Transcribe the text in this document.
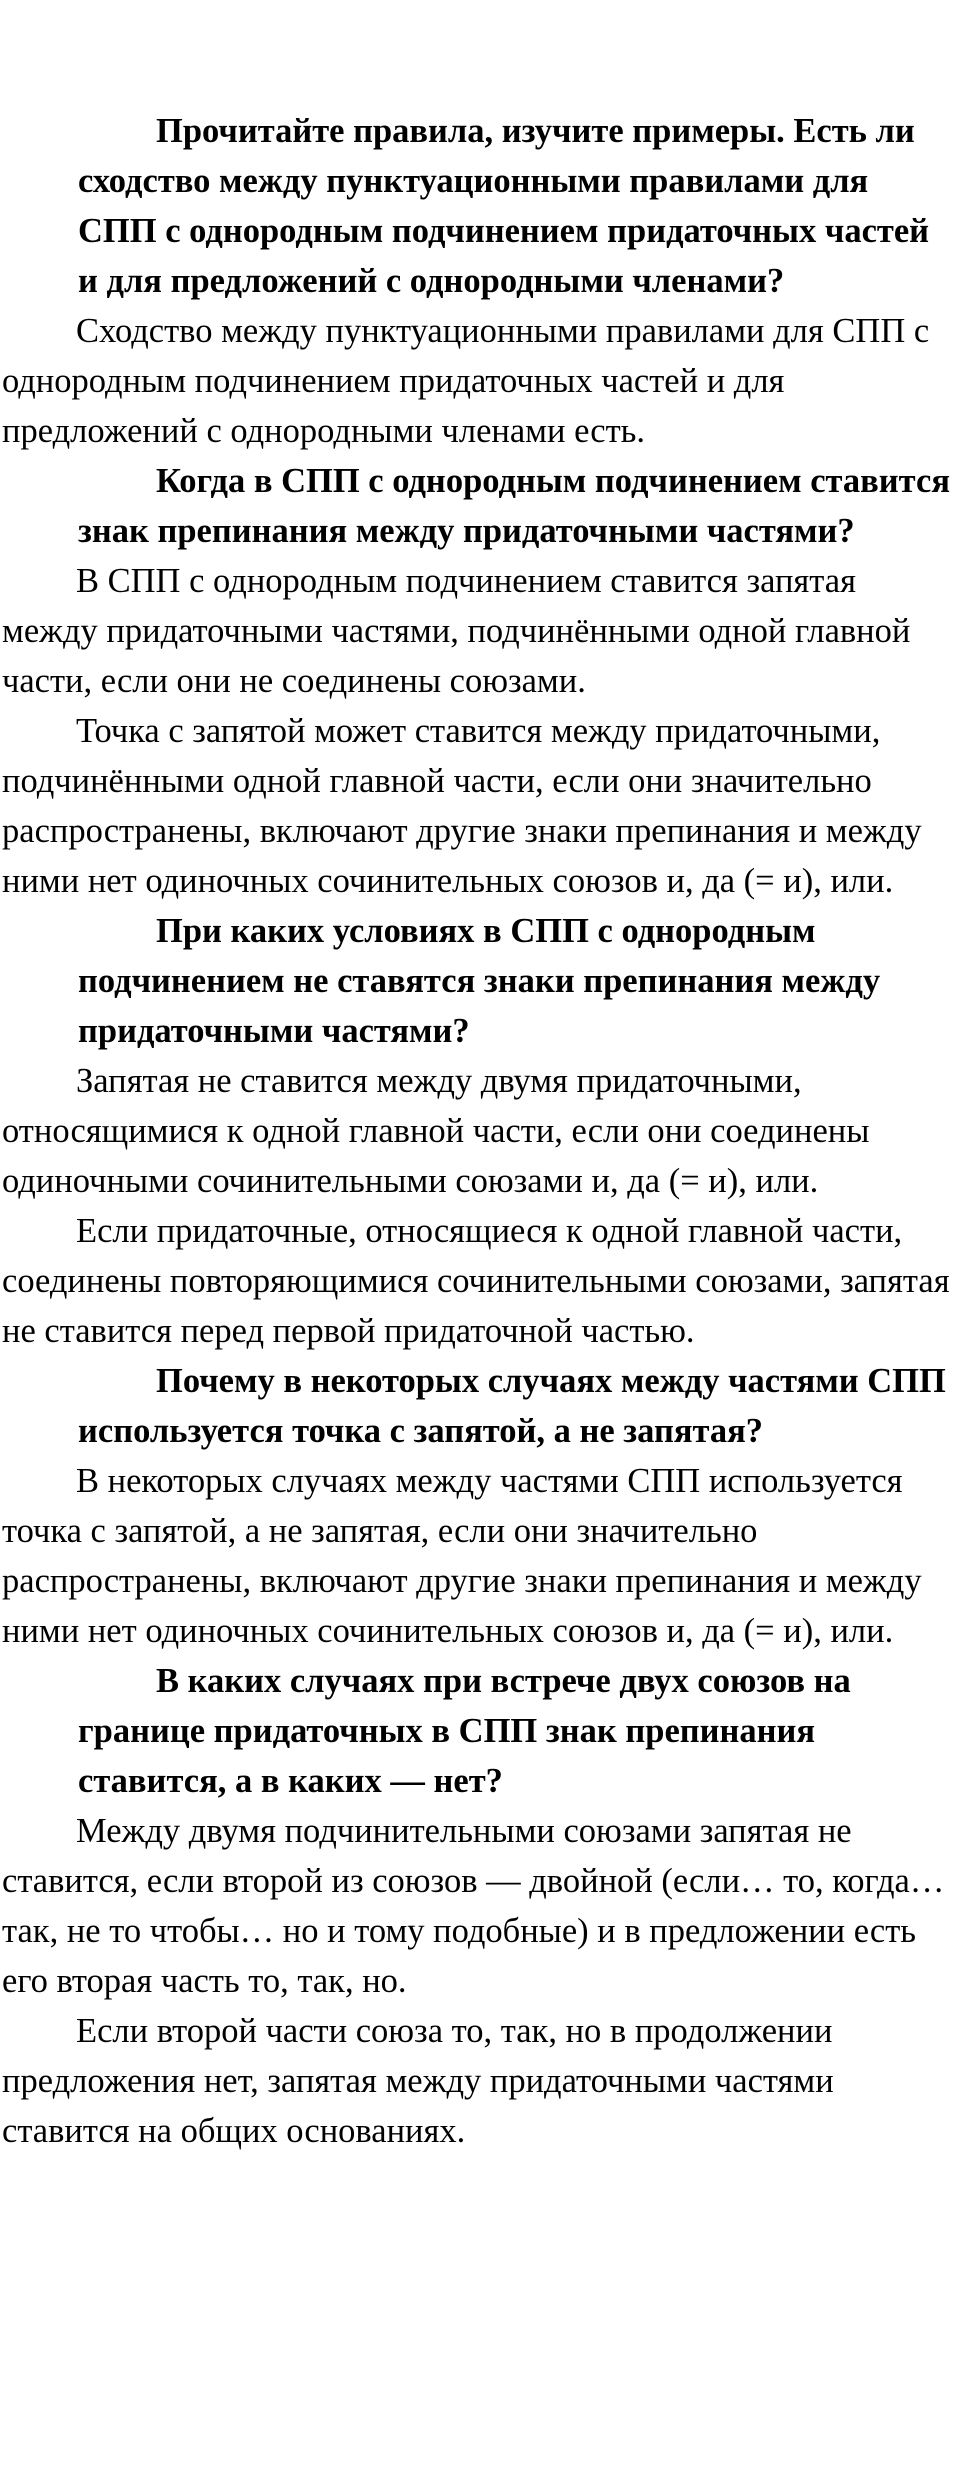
Прочитайте правила, изучите примеры. Есть ли сходство между пунктуационными правилами для СПП с однородным подчинением придаточных частей и для предложений с однородными членами?

Сходство между пунктуационными правилами для СПП с однородным подчинением придаточных частей и для предложений с однородными членами есть.

Когда в СПП с однородным подчинением ставится знак препинания между придаточными частями?

В СПП с однородным подчинением ставится запятая между придаточными частями, подчинёнными одной главной части, если они не соединены союзами.

Точка с запятой может ставится между придаточными, подчинёнными одной главной части, если они значительно распространены, включают другие знаки препинания и между ними нет одиночных сочинительных союзов и, да (= и), или.

При каких условиях в СПП с однородным подчинением не ставятся знаки препинания между придаточными частями?

Запятая не ставится между двумя придаточными, относящимися к одной главной части, если они соединены одиночными сочинительными союзами и, да (= и), или.

Если придаточные, относящиеся к одной главной части, соединены повторяющимися сочинительными союзами, запятая не ставится перед первой придаточной частью.

Почему в некоторых случаях между частями СПП используется точка с запятой, а не запятая?

В некоторых случаях между частями СПП используется точка с запятой, а не запятая, если они значительно распространены, включают другие знаки препинания и между ними нет одиночных сочинительных союзов и, да (= и), или.

В каких случаях при встрече двух союзов на границе придаточных в СПП знак препинания ставится, а в каких — нет?

Между двумя подчинительными союзами запятая не ставится, если второй из союзов — двойной (если… то, когда… так, не то чтобы… но и тому подобные) и в предложении есть его вторая часть то, так, но.

Если второй части союза то, так, но в продолжении предложения нет, запятая между придаточными частями ставится на общих основаниях.
